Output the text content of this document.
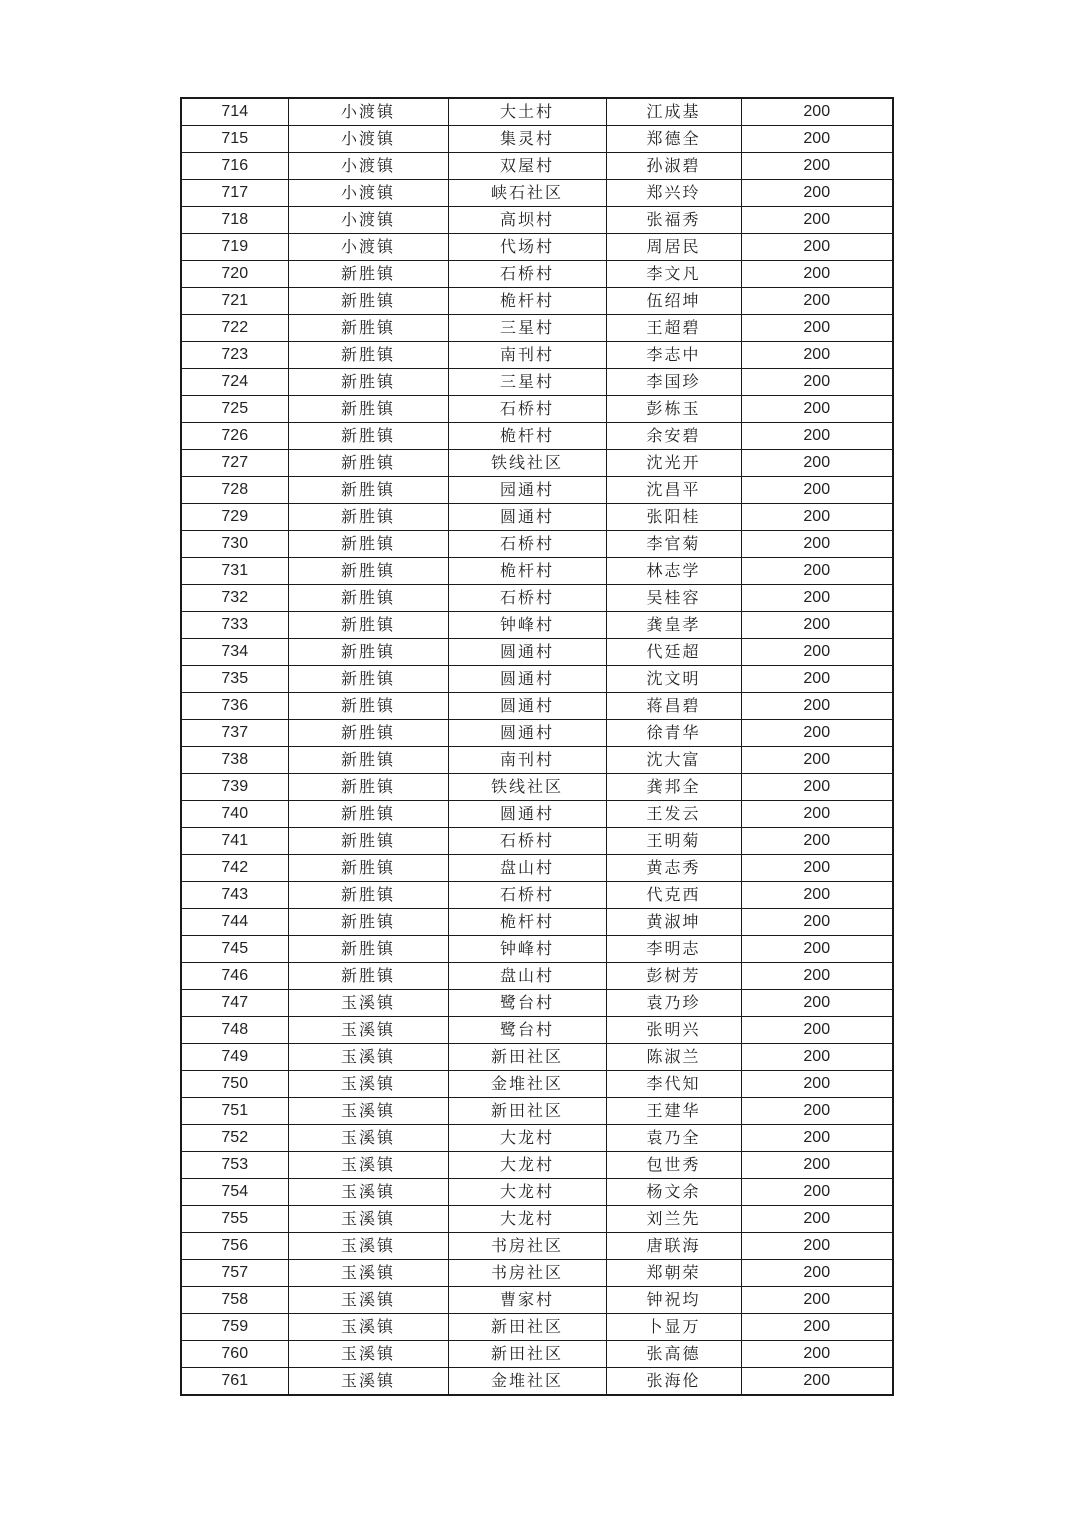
714	小渡镇	大土村	江成基	200
715	小渡镇	集灵村	郑德全	200
716	小渡镇	双屋村	孙淑碧	200
717	小渡镇	峡石社区	郑兴玲	200
718	小渡镇	高坝村	张福秀	200
719	小渡镇	代场村	周居民	200
720	新胜镇	石桥村	李文凡	200
721	新胜镇	桅杆村	伍绍坤	200
722	新胜镇	三星村	王超碧	200
723	新胜镇	南刊村	李志中	200
724	新胜镇	三星村	李国珍	200
725	新胜镇	石桥村	彭栋玉	200
726	新胜镇	桅杆村	余安碧	200
727	新胜镇	铁线社区	沈光开	200
728	新胜镇	园通村	沈昌平	200
729	新胜镇	圆通村	张阳桂	200
730	新胜镇	石桥村	李官菊	200
731	新胜镇	桅杆村	林志学	200
732	新胜镇	石桥村	吴桂容	200
733	新胜镇	钟峰村	龚皇孝	200
734	新胜镇	圆通村	代廷超	200
735	新胜镇	圆通村	沈文明	200
736	新胜镇	圆通村	蒋昌碧	200
737	新胜镇	圆通村	徐青华	200
738	新胜镇	南刊村	沈大富	200
739	新胜镇	铁线社区	龚邦全	200
740	新胜镇	圆通村	王发云	200
741	新胜镇	石桥村	王明菊	200
742	新胜镇	盘山村	黄志秀	200
743	新胜镇	石桥村	代克西	200
744	新胜镇	桅杆村	黄淑坤	200
745	新胜镇	钟峰村	李明志	200
746	新胜镇	盘山村	彭树芳	200
747	玉溪镇	鹭台村	袁乃珍	200
748	玉溪镇	鹭台村	张明兴	200
749	玉溪镇	新田社区	陈淑兰	200
750	玉溪镇	金堆社区	李代知	200
751	玉溪镇	新田社区	王建华	200
752	玉溪镇	大龙村	袁乃全	200
753	玉溪镇	大龙村	包世秀	200
754	玉溪镇	大龙村	杨文余	200
755	玉溪镇	大龙村	刘兰先	200
756	玉溪镇	书房社区	唐联海	200
757	玉溪镇	书房社区	郑朝荣	200
758	玉溪镇	曹家村	钟祝均	200
759	玉溪镇	新田社区	卜显万	200
760	玉溪镇	新田社区	张高德	200
761	玉溪镇	金堆社区	张海伦	200
